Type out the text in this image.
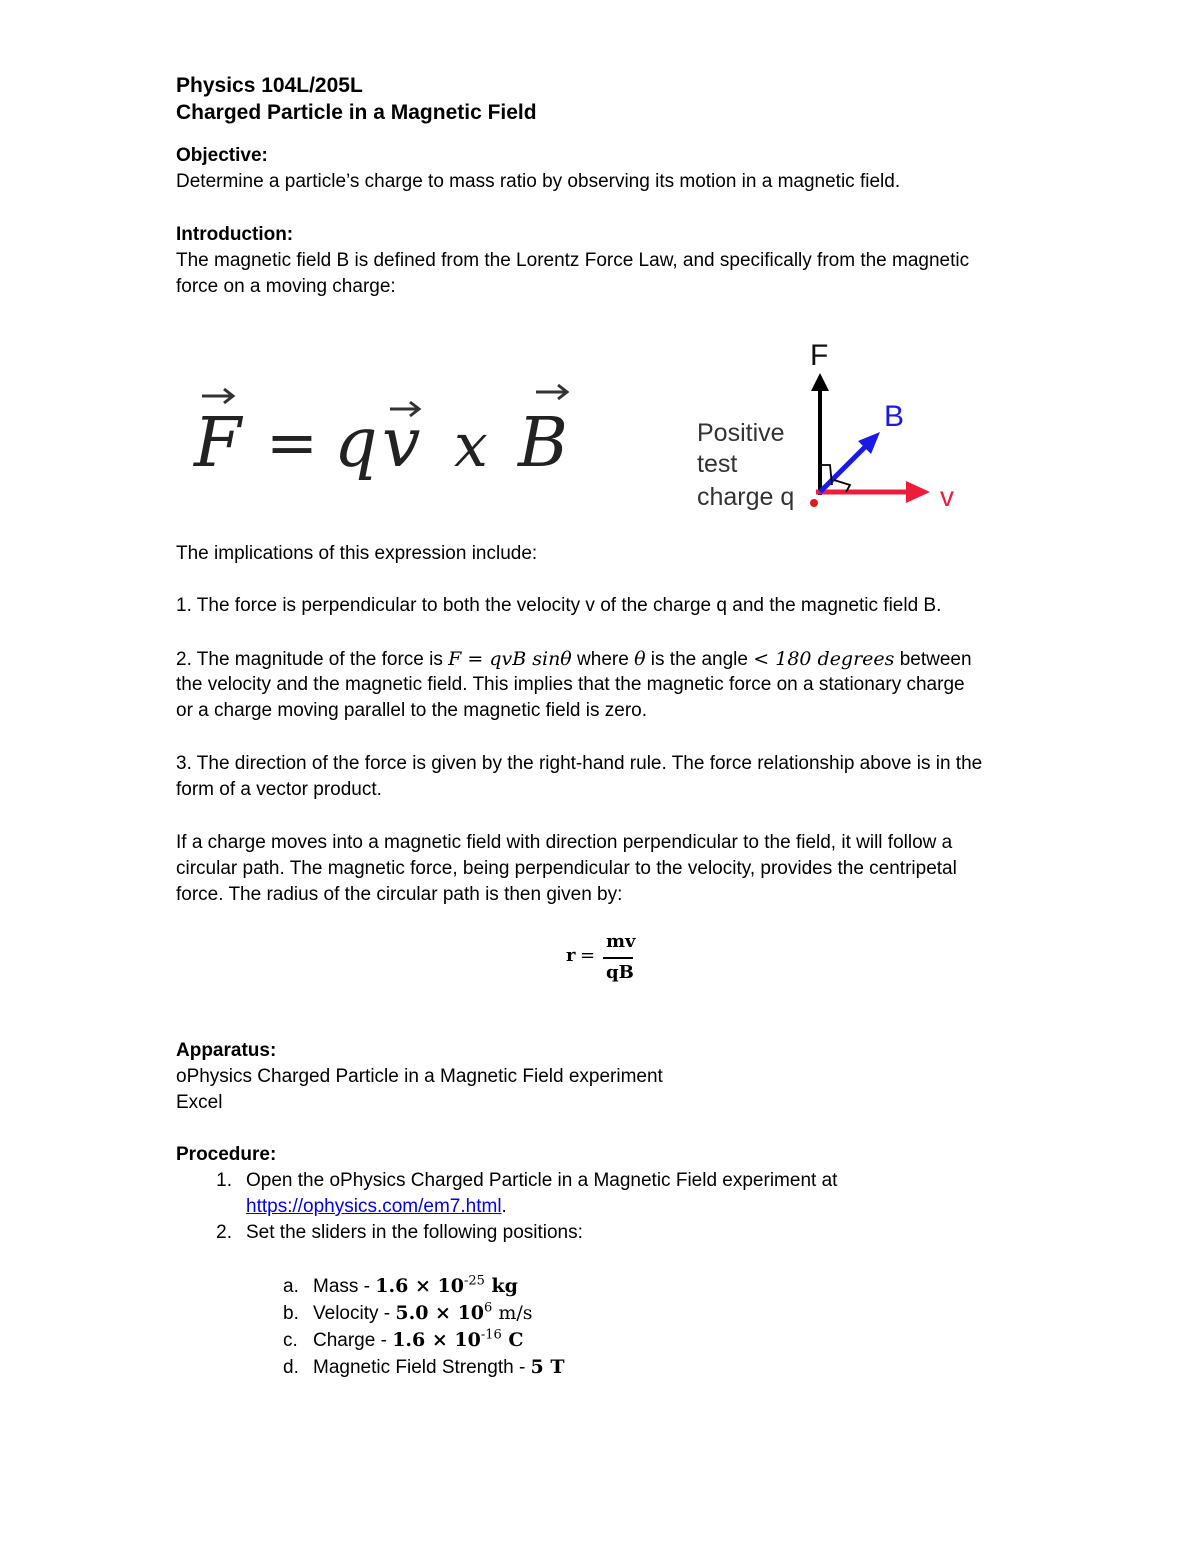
Physics 104L/205L
Charged Particle in a Magnetic Field
Objective:
Determine a particle’s charge to mass ratio by observing its motion in a magnetic field.
Introduction:
The magnetic field B is defined from the Lorentz Force Law, and specifically from the magnetic
force on a moving charge:
F = q v x B
F
B
v
Positive
test
charge q
The implications of this expression include:
1. The force is perpendicular to both the velocity v of the charge q and the magnetic field B.
2. The magnitude of the force is F = qvB sinθ where θ is the angle < 180 degrees between
the velocity and the magnetic field. This implies that the magnetic force on a stationary charge
or a charge moving parallel to the magnetic field is zero.
3. The direction of the force is given by the right-hand rule. The force relationship above is in the
form of a vector product.
If a charge moves into a magnetic field with direction perpendicular to the field, it will follow a
circular path. The magnetic force, being perpendicular to the velocity, provides the centripetal
force. The radius of the circular path is then given by:
r =
mv
qB
Apparatus:
oPhysics Charged Particle in a Magnetic Field experiment
Excel
Procedure:
1. Open the oPhysics Charged Particle in a Magnetic Field experiment at
https://ophysics.com/em7.html.
2. Set the sliders in the following positions:
a. Mass - $1.6 \times 10^{-25}$ kg
b. Velocity - $5.0 \times 10^6$ m/s
c. Charge - $1.6 \times 10^{-16}$ C
d. Magnetic Field Strength - 5 T
